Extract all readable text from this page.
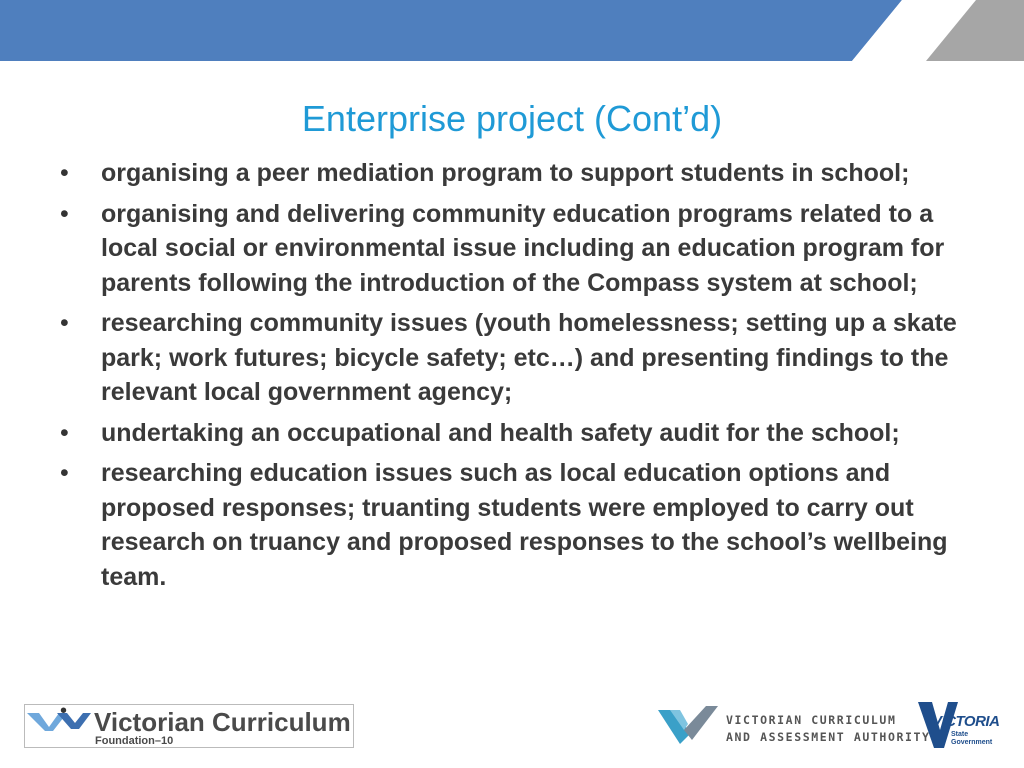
Enterprise project (Cont’d)
• organising a peer mediation program to support students in school;
• organising and delivering community education programs related to a local social or environmental issue including an education program for parents following the introduction of the Compass system at school;
• researching community issues (youth homelessness; setting up a skate park; work futures; bicycle safety; etc…) and presenting findings to the relevant local government agency;
• undertaking an occupational and health safety audit for the school;
• researching education issues such as local education options and proposed responses; truanting students were employed to carry out research on truancy and proposed responses to the school’s wellbeing team.
Victorian Curriculum
Foundation–10
•	VICTORIAN CURRICULUM
AND ASSESSMENT AUTHORITY
VICTORIA
State Government
